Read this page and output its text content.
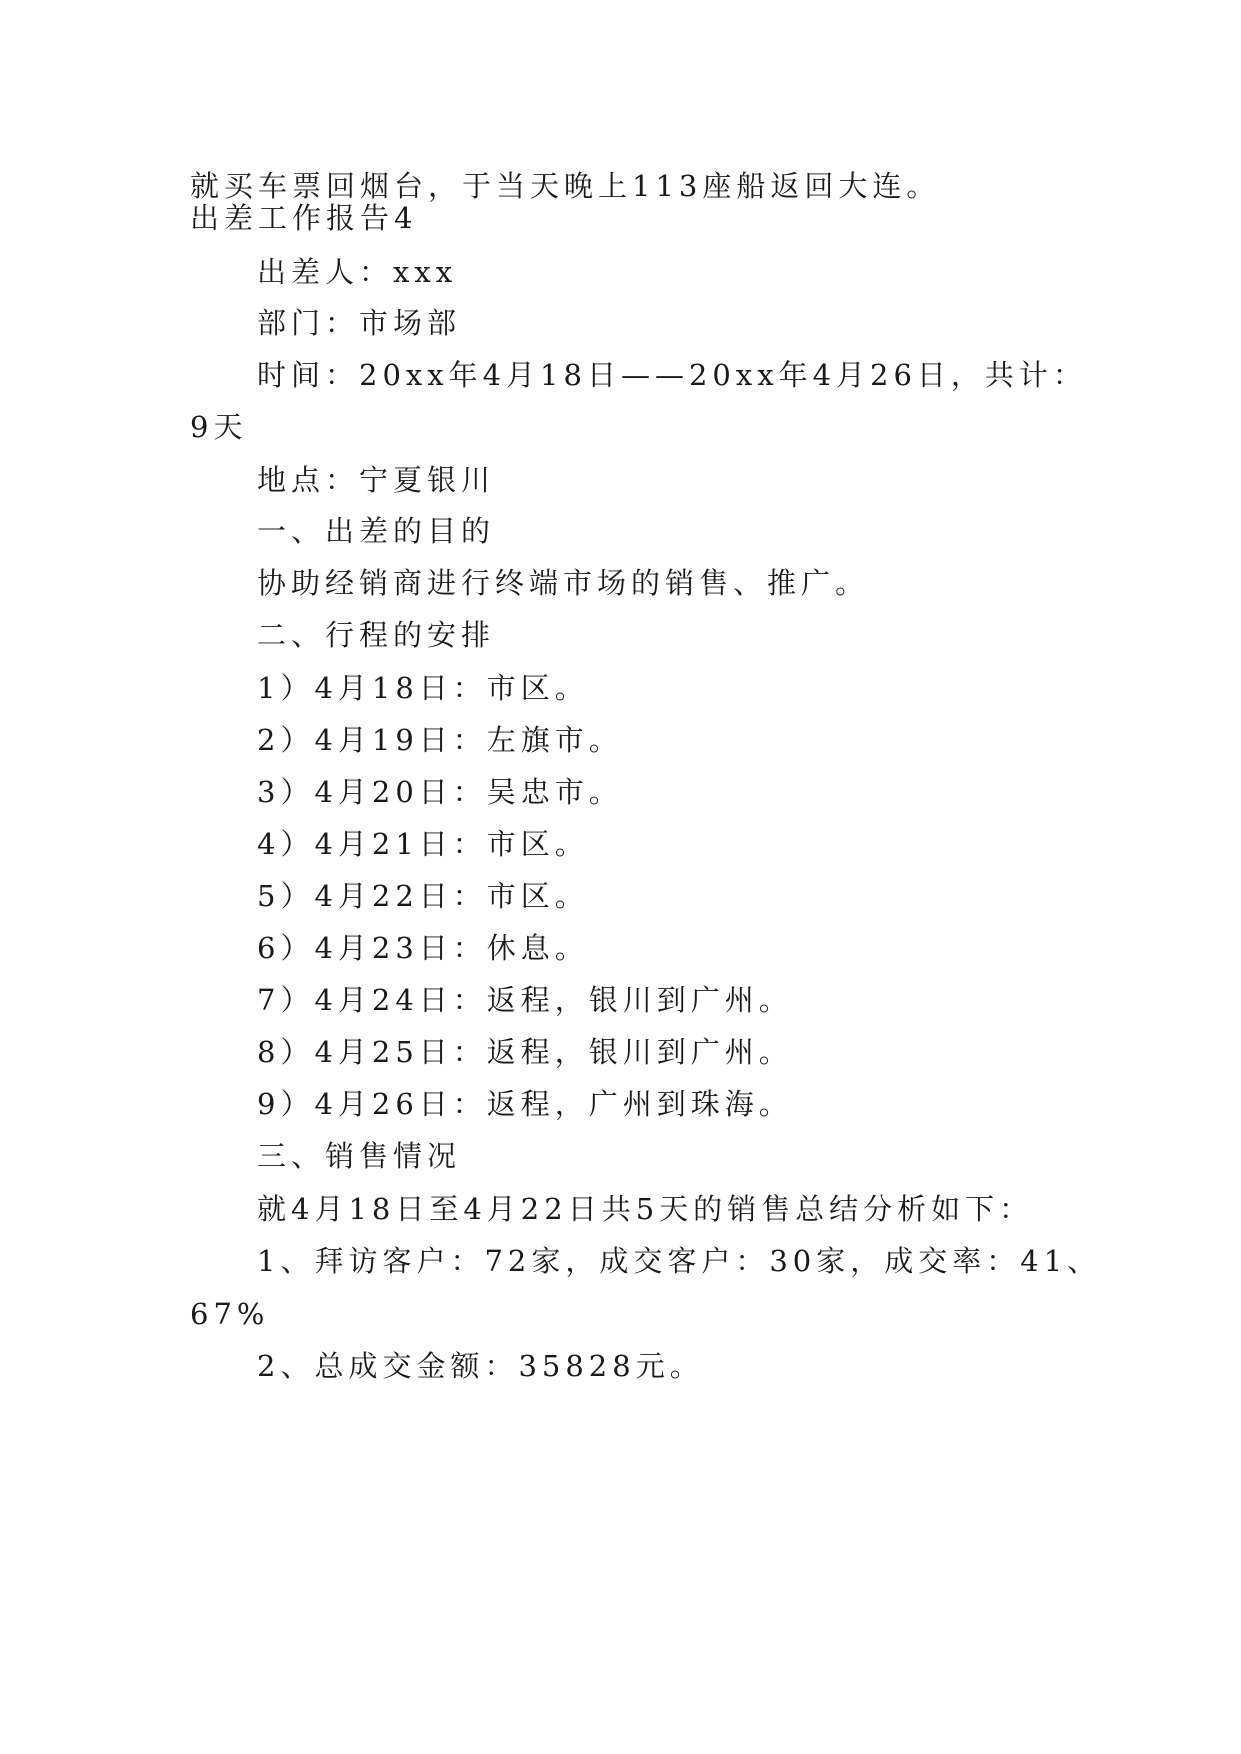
就买车票回烟台，于当天晚上113座船返回大连。
出差工作报告4
出差人：xxx
部门：市场部
时间：20xx年4月18日——20xx年4月26日，共计：
9天
地点：宁夏银川
一、出差的目的
协助经销商进行终端市场的销售、推广。
二、行程的安排
1）4月18日：市区。
2）4月19日：左旗市。
3）4月20日：吴忠市。
4）4月21日：市区。
5）4月22日：市区。
6）4月23日：休息。
7）4月24日：返程，银川到广州。
8）4月25日：返程，银川到广州。
9）4月26日：返程，广州到珠海。
三、销售情况
就4月18日至4月22日共5天的销售总结分析如下：
1、拜访客户：72家，成交客户：30家，成交率：41、
67%
2、总成交金额：35828元。
